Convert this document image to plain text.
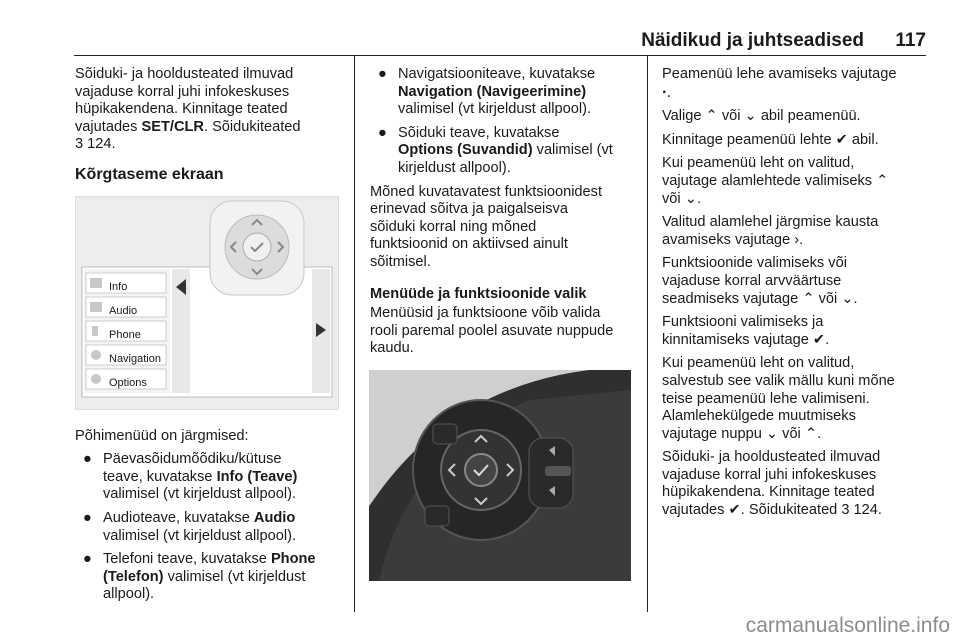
Näidikud ja juhtseadised 117
Sõiduki- ja hooldusteated ilmuvad
vajaduse korral juhi infokeskuses
hüpikakendena. Kinnitage teated
vajutades SET/CLR. Sõidukiteated
3 124.
Kõrgtaseme ekraan
Info
Audio
Phone
Navigation
Options

Põhimenüüd on järgmised:

● Päevasõidumõõdiku/kütuse
teave, kuvatakse Info (Teave)
valimisel (vt kirjeldust allpool).
● Audioteave, kuvatakse Audio
valimisel (vt kirjeldust allpool).
● Telefoni teave, kuvatakse Phone
(Telefon) valimisel (vt kirjeldust
allpool).
● Navigatsiooniteave, kuvatakse
Navigation (Navigeerimine)
valimisel (vt kirjeldust allpool).
● Sõiduki teave, kuvatakse
Options (Suvandid) valimisel (vt
kirjeldust allpool).
Mõned kuvatavatest funktsioonidest
erinevad sõitva ja paigalseisva
sõiduki korral ning mõned
funktsioonid on aktiivsed ainult
sõitmisel.
Menüüde ja funktsioonide valik
Menüüsid ja funktsioone võib valida
rooli paremal poolel asuvate nuppude
kaudu.

Peamenüü lehe avamiseks vajutage
ꞏ.

Valige ⌃ või ⌄ abil peamenüü.

Kinnitage peamenüü lehte ✔ abil.

Kui peamenüü leht on valitud,
vajutage alamlehtede valimiseks ⌃
või ⌄.

Valitud alamlehel järgmise kausta
avamiseks vajutage ›.

Funktsioonide valimiseks või
vajaduse korral arvväärtuse
seadmiseks vajutage ⌃ või ⌄.

Funktsiooni valimiseks ja
kinnitamiseks vajutage ✔.

Kui peamenüü leht on valitud,
salvestub see valik mällu kuni mõne
teise peamenüü lehe valimiseni.
Alamlehekülgede muutmiseks
vajutage nuppu ⌄ või ⌃.

Sõiduki- ja hooldusteated ilmuvad
vajaduse korral juhi infokeskuses
hüpikakendena. Kinnitage teated
vajutades ✔. Sõidukiteated 3 124.

carmanualsonline.info
